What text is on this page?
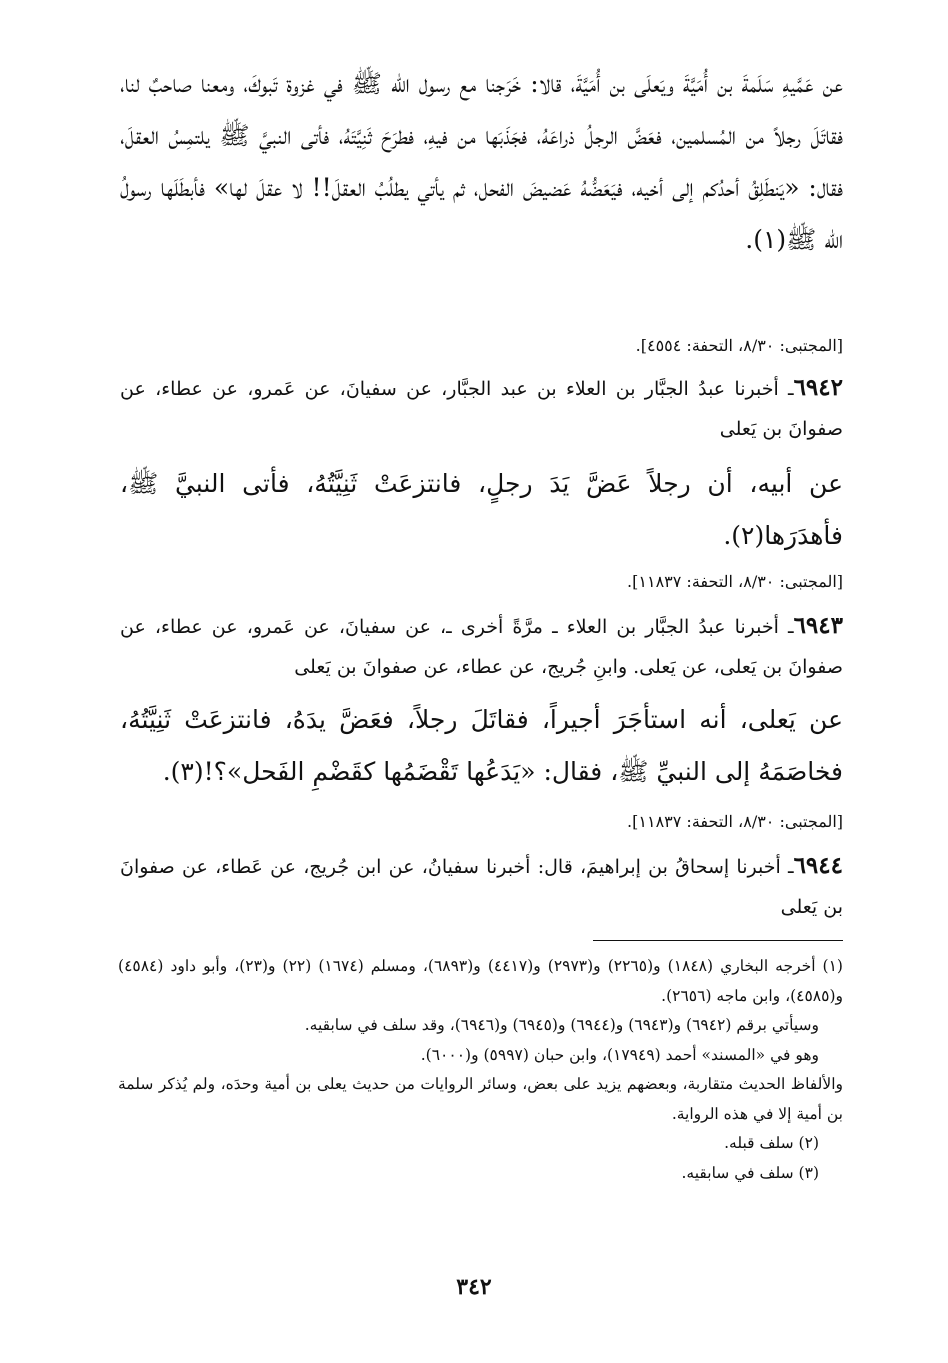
عن عَمَّيهِ سَلَمةَ بن أُمَيَّةَ ويَعلَى بن أُمَيَّةَ، قالا: خَرَجنا مع رسول الله ﷺ في غزوة تَبوكَ، ومعنا صاحبٌ لنا، فقاتَلَ رجلاً من المُسلمين، فعَضَّ الرجلُ ذراعَهُ، فجَذَبَها من فيهِ، فطرَحَ ثَنِيَّتَهُ، فأتى النبيَّ ﷺ يلتمِسُ العقلَ، فقال: «يَنطَلِقُ أحدُكم إلى أخيه، فيَعَضُّهُ عَضيضَ الفحل، ثم يأتي يطلُبُ العقلَ!! لا عقلَ لها» فأبطَلَها رسولُ الله ﷺ(١).

[المجتبى: ٨/٣٠، التحفة: ٤٥٥٤].

٦٩٤٢ـ أخبرنا عبدُ الجبَّار بن العلاء بن عبد الجبَّار، عن سفيانَ، عن عَمرو، عن عطاء، عن صفوانَ بن يَعلى

عن أبيه، أن رجلاً عَضَّ يَدَ رجلٍ، فانتزعَتْ ثَنِيَّتُهُ، فأتى النبيَّ ﷺ، فأهدَرَها(٢).

[المجتبى: ٨/٣٠، التحفة: ١١٨٣٧].

٦٩٤٣ـ أخبرنا عبدُ الجبَّار بن العلاء ـ مرَّةً أخرى ـ، عن سفيانَ، عن عَمرو، عن عطاء، عن صفوانَ بن يَعلى، عن يَعلى. وابنِ جُريج، عن عطاء، عن صفوانَ بن يَعلى

عن يَعلى، أنه استأجَرَ أجيراً، فقاتَلَ رجلاً، فعَضَّ يدَهُ، فانتزعَتْ ثَنِيَّتُهُ، فخاصَمَهُ إلى النبيِّ ﷺ، فقال: «يَدَعُها تَقْضَمُها كقَضْمِ الفَحل»؟!(٣).

[المجتبى: ٨/٣٠، التحفة: ١١٨٣٧].

٦٩٤٤ـ أخبرنا إسحاقُ بن إبراهيمَ، قال: أخبرنا سفيانُ، عن ابن جُريج، عن عَطاء، عن صفوانَ بن يَعلى

(١) أخرجه البخاري (١٨٤٨) و(٢٢٦٥) و(٢٩٧٣) و(٤٤١٧) و(٦٨٩٣)، ومسلم (١٦٧٤) (٢٢) و(٢٣)، وأبو داود (٤٥٨٤) و(٤٥٨٥)، وابن ماجه (٢٦٥٦).
وسيأتي برقم (٦٩٤٢) و(٦٩٤٣) و(٦٩٤٤) و(٦٩٤٥) و(٦٩٤٦)، وقد سلف في سابقيه.
وهو في «المسند» أحمد (١٧٩٤٩)، وابن حبان (٥٩٩٧) و(٦٠٠٠).
والألفاظ الحديث متقاربة، وبعضهم يزيد على بعض، وسائر الروايات من حديث يعلى بن أمية وحدَه، ولم يُذكر سلمة بن أمية إلا في هذه الرواية.
(٢) سلف قبله.
(٣) سلف في سابقيه.
٣٤٢
